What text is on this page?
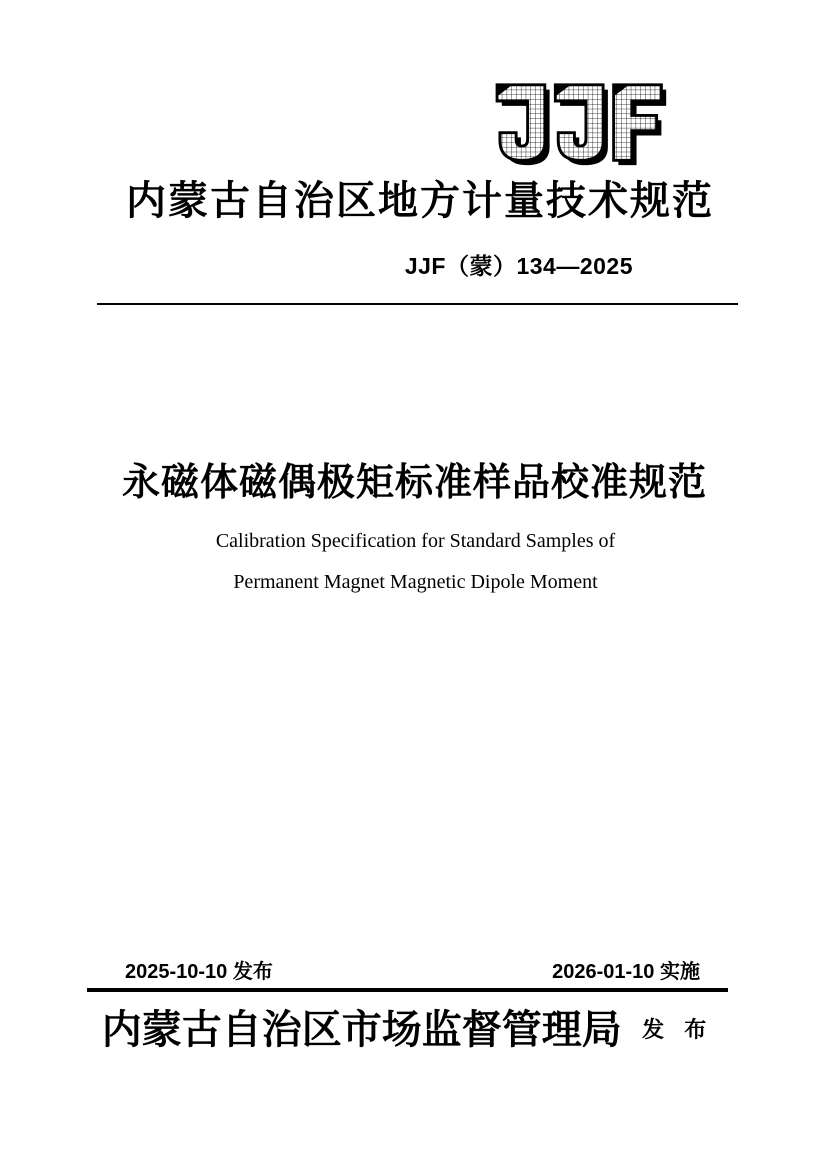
内蒙古自治区地方计量技术规范
JJF（蒙）134—2025
永磁体磁偶极矩标准样品校准规范
Calibration Specification for Standard Samples of
Permanent Magnet Magnetic Dipole Moment
2025-10-10 发布	2026-01-10 实施
内蒙古自治区市场监督管理局 发 布
